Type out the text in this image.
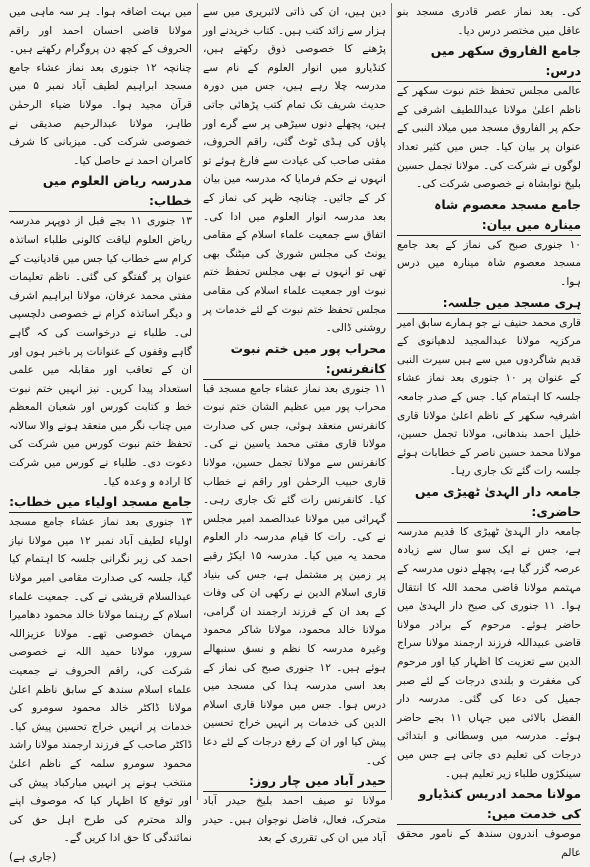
کی۔ بعد نماز عصر قادری مسجد بنو عاقل میں مختصر درس دیا۔

جامع الفاروق سکھر میں درس:

عالمی مجلس تحفظ ختم نبوت سکھر کے ناظم اعلیٰ مولانا عبداللطیف اشرفی کے حکم پر الفاروق مسجد میں میلاد النبی کے عنوان پر بیان کیا۔ جس میں کثیر تعداد لوگوں نے شرکت کی۔ مولانا تجمل حسین بلیخ نوابشاہ نے خصوصی شرکت کی۔

جامع مسجد معصوم شاہ مینارہ میں بیان:

۱۰ جنوری صبح کی نماز کے بعد جامع مسجد معصوم شاہ مینارہ میں درس ہوا۔

ہری مسجد میں جلسہ:

قاری محمد حنیف نے جو ہمارے سابق امیر مرکزیہ مولانا عبدالمجید لدھیانوی کے قدیم شاگردوں میں سے ہیں سیرت النبی کے عنوان پر ۱۰ جنوری بعد نماز عشاء جلسہ کا اہتمام کیا۔ جس کے صدر جامعہ اشرفیہ سکھر کے ناظم اعلیٰ مولانا قاری خلیل احمد بندھانی، مولانا تجمل حسین، مولانا محمد حسین ناصر کے خطابات ہوئے جلسہ رات گئے تک جاری رہا۔

جامعہ دار الہدیٰ ٹھیڑی میں حاضری:

جامعہ دار الہدیٰ ٹھیڑی کا قدیم مدرسہ ہے، جس نے ایک سو سال سے زیادہ عرصہ گزر گیا ہے، پچھلے دنوں مدرسہ کے مہتمم مولانا قاضی محمد اللہ کا انتقال ہوا۔ ۱۱ جنوری کی صبح دار الہدیٰ میں حاضر ہوئے۔ مرحوم کے برادر مولانا قاضی عبیداللہ فرزند ارجمند مولانا سراج الدین سے تعزیت کا اظہار کیا اور مرحوم کی مغفرت و بلندی درجات کے لئے صبر جمیل کی دعا کی گئی۔ مدرسہ دار الفضل بالائی میں جہاں ۱۱ بجے حاضر ہوئے۔ مدرسہ میں وسطانی و ابتدائی درجات کی تعلیم دی جاتی ہے جس میں سینکڑوں طلباء زیر تعلیم ہیں۔

مولانا محمد ادریس کنڈیارو کی خدمت میں:

موصوف اندرون سندھ کے نامور محقق عالم

دین ہیں، ان کی ذاتی لائبریری میں سے ہزار سے زائد کتب ہیں۔ کتاب خریدنے اور پڑھنے کا خصوصی ذوق رکھتے ہیں، کنڈیارو میں انوار العلوم کے نام سے مدرسہ چلا رہے ہیں، جس میں دورہ حدیث شریف تک تمام کتب پڑھائی جاتی ہیں، پچھلے دنوں سیڑھی پر سے گرے اور پاؤں کی ہڈی ٹوٹ گئی، راقم الحروف، مفتی صاحب کی عیادت سے فارغ ہوئے تو انہوں نے حکم فرمایا کہ مدرسہ میں بیان کر کے جائیں۔ چنانچہ ظہر کی نماز کے بعد مدرسہ انوار العلوم میں ادا کی۔ اتفاق سے جمعیت علماء اسلام کے مقامی یونٹ کی مجلس شوریٰ کی میٹنگ بھی تھی تو انہوں نے بھی مجلس تحفظ ختم نبوت اور جمعیت علماء اسلام کی مقامی مجلس تحفظ ختم نبوت کے لئے خدمات پر روشنی ڈالی۔

محراب پور میں ختم نبوت کانفرنس:

۱۱ جنوری بعد نماز عشاء جامع مسجد قبا محراب پور میں عظیم الشان ختم نبوت کانفرنس منعقد ہوئی، جس کی صدارت مولانا قاری مفتی محمد یاسین نے کی۔ کانفرنس سے مولانا تجمل حسین، مولانا قاری حبیب الرحمٰن اور راقم نے خطاب کیا۔ کانفرنس رات گئے تک جاری رہی۔ گہرائی میں مولانا عبدالصمد امیر مجلس نے کی۔ رات کا قیام مدرسہ دار العلوم محمد یہ میں کیا۔ مدرسہ ۱۵ ایکڑ رقبے پر زمین پر مشتمل ہے، جس کی بنیاد قاری اسلام الدین نے رکھی ان کی وفات کے بعد ان کے فرزند ارجمند ان گرامی، مولانا خالد محمود، مولانا شاکر محمود وغیرہ مدرسہ کا نظم و نسق سنبھالے ہوئے ہیں۔ ۱۲ جنوری صبح کی نماز کے بعد اسی مدرسہ ہذا کی مسجد میں درس ہوا۔ جس میں مولانا قاری اسلام الدین کی خدمات پر انہیں خراج تحسین پیش کیا اور ان کے رفع درجات کے لئے دعا کی۔

حیدر آباد میں چار روز:

مولانا تو صیف احمد بلیخ حیدر آباد متحرک، فعال، فاضل نوجوان ہیں۔ حیدر آباد میں ان کی تقرری کے بعد

میں بہت اضافہ ہوا۔ ہر سہ ماہی میں مولانا قاضی احسان احمد اور راقم الحروف کے کچھ دن پروگرام رکھتے ہیں۔ چنانچہ ۱۲ جنوری بعد نماز عشاء جامع مسجد ابراہیم لطیف آباد نمبر ۵ میں قرآن مجید ہوا۔ مولانا ضیاء الرحمٰن طاہر، مولانا عبدالرحیم صدیقی نے خصوصی شرکت کی۔ میزبانی کا شرف کامران احمد نے حاصل کیا۔

مدرسہ ریاض العلوم میں خطاب:

۱۳ جنوری ۱۱ بجے قبل از دوپہر مدرسہ ریاض العلوم لیاقت کالونی طلباء اساتذہ کرام سے خطاب کیا جس میں قادیانیت کے عنوان پر گفتگو کی گئی۔ ناظم تعلیمات مفتی محمد عرفان، مولانا ابراہیم اشرف و دیگر اساتذہ کرام نے خصوصی دلچسپی لی۔ طلباء نے درخواست کی کہ گاہے گاہے وقفوں کے عنوانات پر باخبر ہوں اور ان کے تعاقب اور مقابلہ میں علمی استعداد پیدا کریں۔ نیز انہیں ختم نبوت خط و کتابت کورس اور شعبان المعظم میں چناب نگر میں منعقد ہونے والا سالانہ تحفظ ختم نبوت کورس میں شرکت کی دعوت دی۔ طلباء نے کورس میں شرکت کا ارادہ و وعدہ کیا۔

جامع مسجد اولیاء میں خطاب:

۱۳ جنوری بعد نماز عشاء جامع مسجد اولیاء لطیف آباد نمبر ۱۲ میں مولانا نیاز احمد کی زیر نگرانی جلسہ کا اہتمام کیا گیا، جلسہ کی صدارت مقامی امیر مولانا عبدالسلام قریشی نے کی۔ جمعیت علماء اسلام کے رہنما مولانا خالد محمود دھامیرا مہمان خصوصی تھے۔ مولانا عزیزاللہ سرور، مولانا حمید اللہ نے خصوصی شرکت کی، راقم الحروف نے جمعیت علماء اسلام سندھ کے سابق ناظم اعلیٰ مولانا ڈاکٹر خالد محمود سومرو کی خدمات پر انہیں خراج تحسین پیش کیا۔ ڈاکٹر صاحب کے فرزند ارجمند مولانا راشد محمود سومرو سلمہ کے ناظم اعلیٰ منتخب ہونے پر انہیں مبارکباد پیش کی اور توقع کا اظہار کیا کہ موصوف اپنے والد محترم کی طرح اہل حق کی نمائندگی کا حق ادا کریں گے۔

(جاری ہے)
